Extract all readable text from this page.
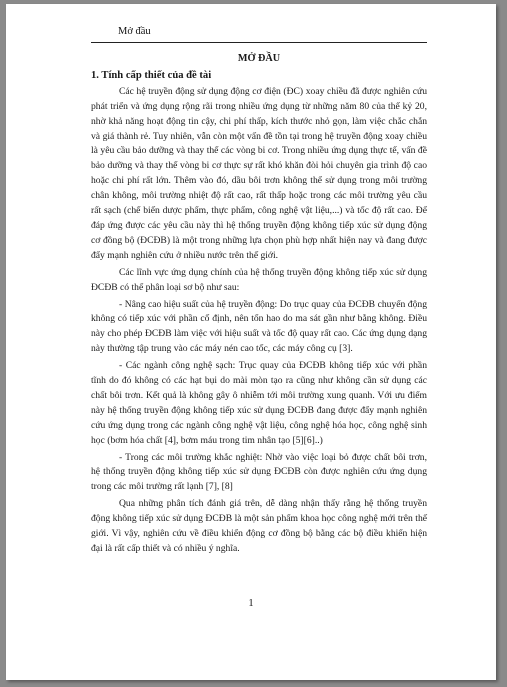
Mở đầu
MỞ ĐẦU
1. Tính cấp thiết của đề tài

Các hệ truyền động sử dụng động cơ điện (ĐC) xoay chiều đã được nghiên cứu phát triển và ứng dụng rộng rãi trong nhiều ứng dụng từ những năm 80 của thế kỷ 20, nhờ khả năng hoạt động tin cậy, chi phí thấp, kích thước nhỏ gọn, làm việc chắc chắn và giá thành rẻ. Tuy nhiên, vẫn còn một vấn đề tồn tại trong hệ truyền động xoay chiều là yêu cầu bảo dưỡng và thay thế các vòng bi cơ. Trong nhiều ứng dụng thực tế, vấn đề bảo dưỡng và thay thế vòng bi cơ thực sự rất khó khăn đòi hỏi chuyên gia trình độ cao hoặc chi phí rất lớn. Thêm vào đó, dầu bôi trơn không thể sử dụng trong môi trường chân không, môi trường nhiệt độ rất cao, rất thấp hoặc trong các môi trường yêu cầu rất sạch (chế biến dược phẩm, thực phẩm, công nghệ vật liệu,...) và tốc độ rất cao. Để đáp ứng được các yêu cầu này thì hệ thống truyền động không tiếp xúc sử dụng động cơ đồng bộ (ĐCĐB) là một trong những lựa chọn phù hợp nhất hiện nay và đang được đẩy mạnh nghiên cứu ở nhiều nước trên thế giới.

Các lĩnh vực ứng dụng chính của hệ thống truyền động không tiếp xúc sử dụng ĐCĐB có thể phân loại sơ bộ như sau:

- Nâng cao hiệu suất của hệ truyền động: Do trục quay của ĐCĐB chuyển động không có tiếp xúc với phần cố định, nên tổn hao do ma sát gần như bằng không. Điều này cho phép ĐCĐB làm việc với hiệu suất và tốc độ quay rất cao. Các ứng dụng dạng này thường tập trung vào các máy nén cao tốc, các máy công cụ [3].

- Các ngành công nghệ sạch: Trục quay của ĐCĐB không tiếp xúc với phần tĩnh do đó không có các hạt bụi do mài mòn tạo ra cũng như không cần sử dụng các chất bôi trơn. Kết quả là không gây ô nhiễm tới môi trường xung quanh. Với ưu điểm này hệ thống truyền động không tiếp xúc sử dụng ĐCĐB đang được đẩy mạnh nghiên cứu ứng dụng trong các ngành công nghệ vật liệu, công nghệ hóa học, công nghệ sinh học (bơm hóa chất [4], bơm máu trong tim nhân tạo [5][6]..)

- Trong các môi trường khắc nghiệt: Nhờ vào việc loại bỏ được chất bôi trơn, hệ thống truyền động không tiếp xúc sử dụng ĐCĐB còn được nghiên cứu ứng dụng trong các môi trường rất lạnh [7], [8]

Qua những phân tích đánh giá trên, dễ dàng nhận thấy rằng hệ thống truyền động không tiếp xúc sử dụng ĐCĐB là một sản phẩm khoa học công nghệ mới trên thế giới. Vì vậy, nghiên cứu về điều khiển động cơ đồng bộ bằng các bộ điều khiển hiện đại là rất cấp thiết và có nhiều ý nghĩa.

1
